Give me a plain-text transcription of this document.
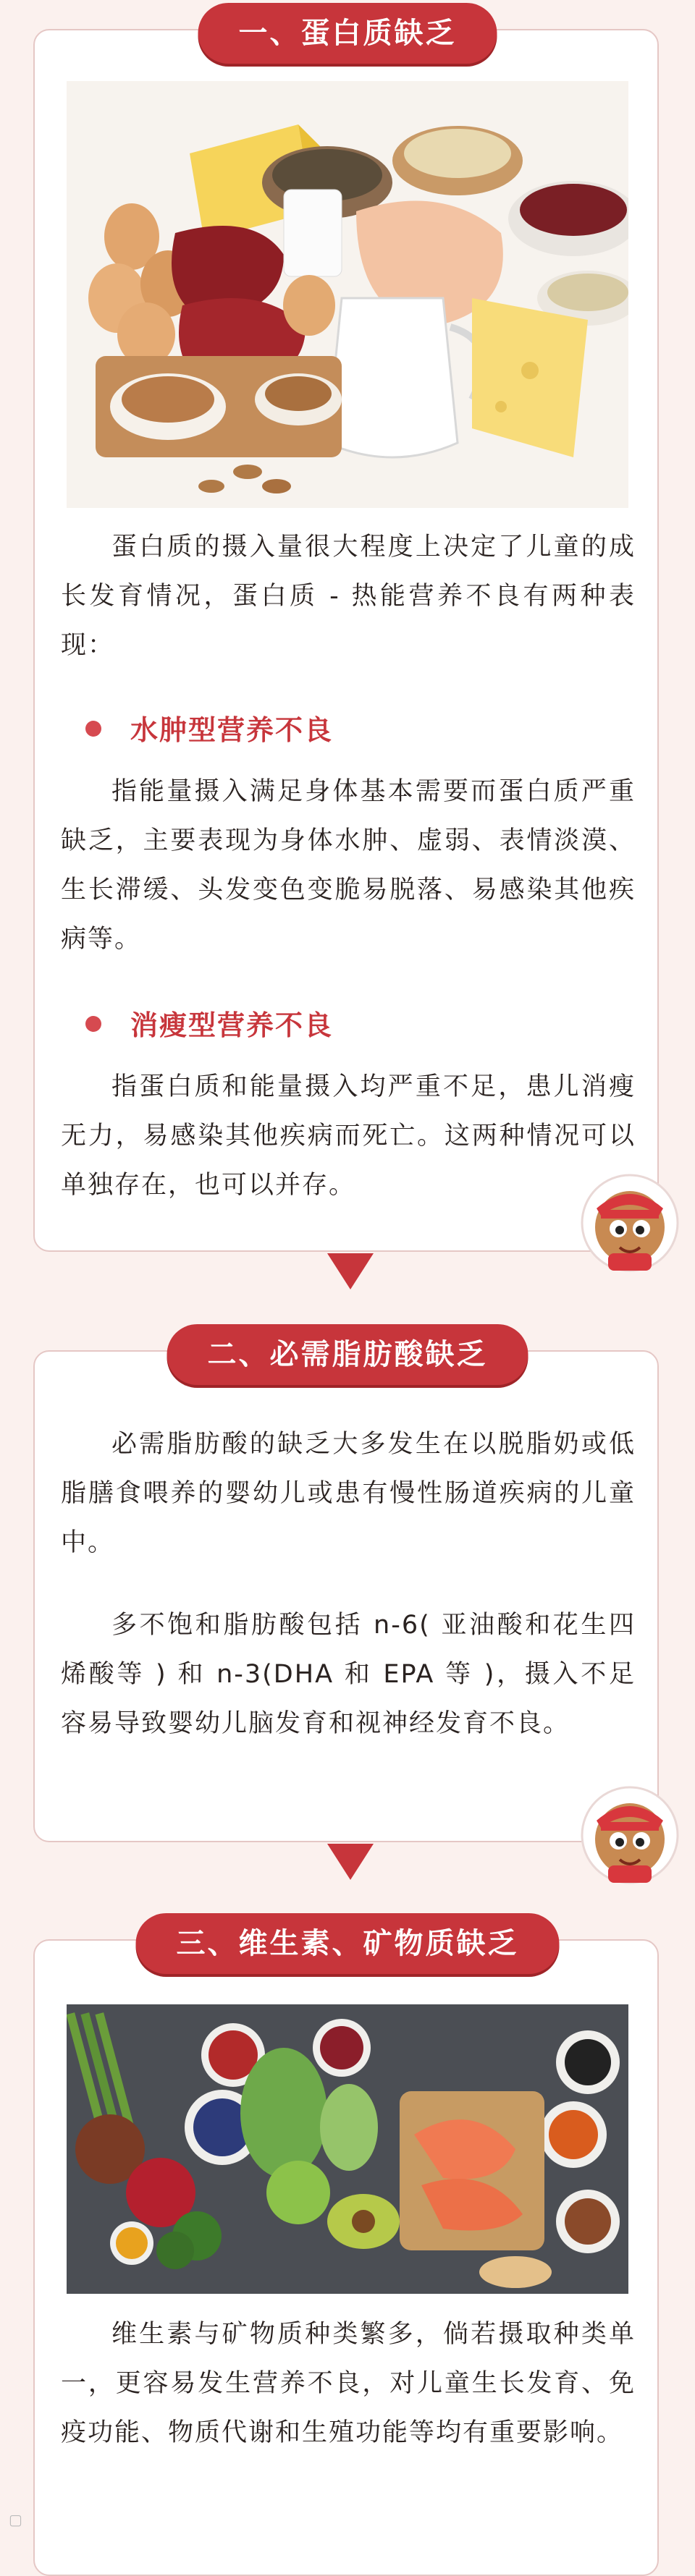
一、蛋白质缺乏

蛋白质的摄入量很大程度上决定了儿童的成长发育情况，蛋白质 - 热能营养不良有两种表现：

水肿型营养不良

指能量摄入满足身体基本需要而蛋白质严重缺乏，主要表现为身体水肿、虚弱、表情淡漠、生长滞缓、头发变色变脆易脱落、易感染其他疾病等。

消瘦型营养不良

指蛋白质和能量摄入均严重不足，患儿消瘦无力，易感染其他疾病而死亡。这两种情况可以单独存在，也可以并存。

二、必需脂肪酸缺乏

必需脂肪酸的缺乏大多发生在以脱脂奶或低脂膳食喂养的婴幼儿或患有慢性肠道疾病的儿童中。

多不饱和脂肪酸包括 n-6( 亚油酸和花生四烯酸等 ) 和 n-3(DHA 和 EPA 等 )，摄入不足容易导致婴幼儿脑发育和视神经发育不良。

三、维生素、矿物质缺乏

维生素与矿物质种类繁多，倘若摄取种类单一，更容易发生营养不良，对儿童生长发育、免疫功能、物质代谢和生殖功能等均有重要影响。

▢
